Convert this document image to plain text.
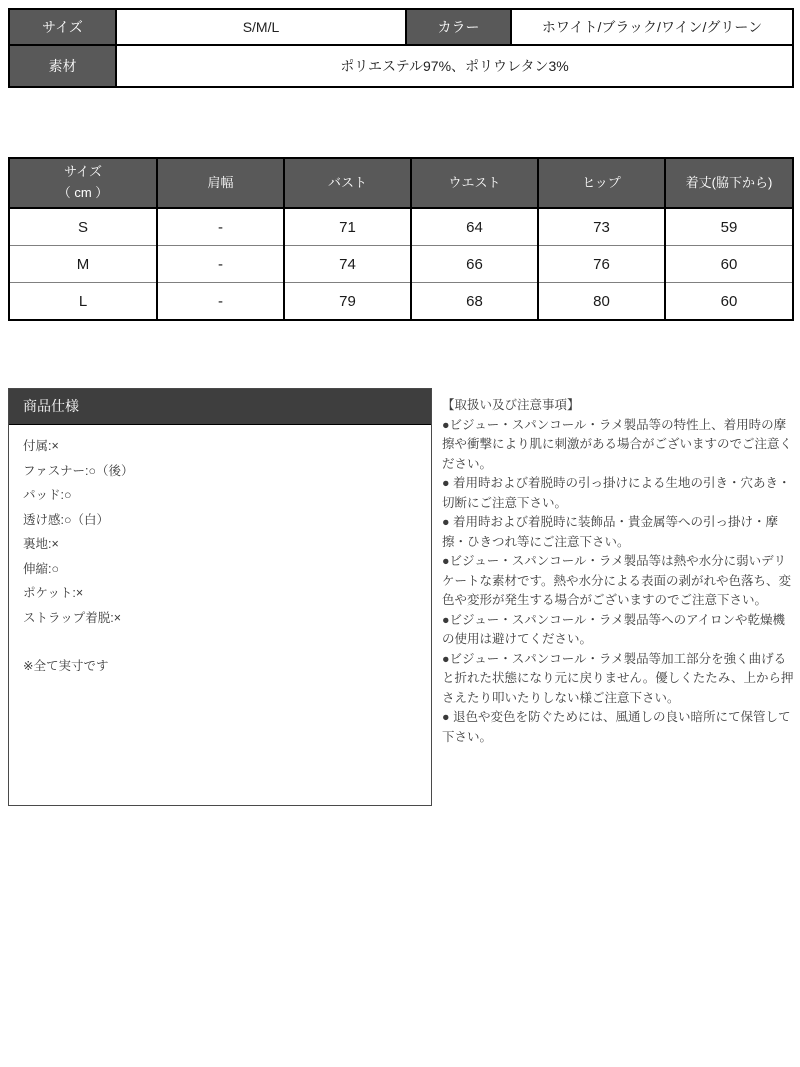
サイズ	S/M/L	カラー	ホワイト/ブラック/ワイン/グリーン
素材	ポリエステル97%、ポリウレタン3%		
サイズ
（ cm ）	肩幅	バスト	ウエスト	ヒップ	着丈(脇下から)
S	-	71	64	73	59
M	-	74	66	76	60
L	-	79	68	80	60
商品仕様
付属:×
ファスナー:○（後）
パッド:○
透け感:○（白）
裏地:×
伸縮:○
ポケット:×
ストラップ着脱:×
※全て実寸です
【取扱い及び注意事項】
●ビジュー・スパンコール・ラメ製品等の特性上、着用時の摩擦や衝撃により肌に刺激がある場合がございますのでご注意ください。
● 着用時および着脱時の引っ掛けによる生地の引き・穴あき・切断にご注意下さい。
● 着用時および着脱時に装飾品・貴金属等への引っ掛け・摩擦・ひきつれ等にご注意下さい。
●ビジュー・スパンコール・ラメ製品等は熱や水分に弱いデリケートな素材です。熱や水分による表面の剥がれや色落ち、変色や変形が発生する場合がございますのでご注意下さい。
●ビジュー・スパンコール・ラメ製品等へのアイロンや乾燥機の使用は避けてください。
●ビジュー・スパンコール・ラメ製品等加工部分を強く曲げると折れた状態になり元に戻りません。優しくたたみ、上から押さえたり叩いたりしない様ご注意下さい。
● 退色や変色を防ぐためには、風通しの良い暗所にて保管して下さい。
